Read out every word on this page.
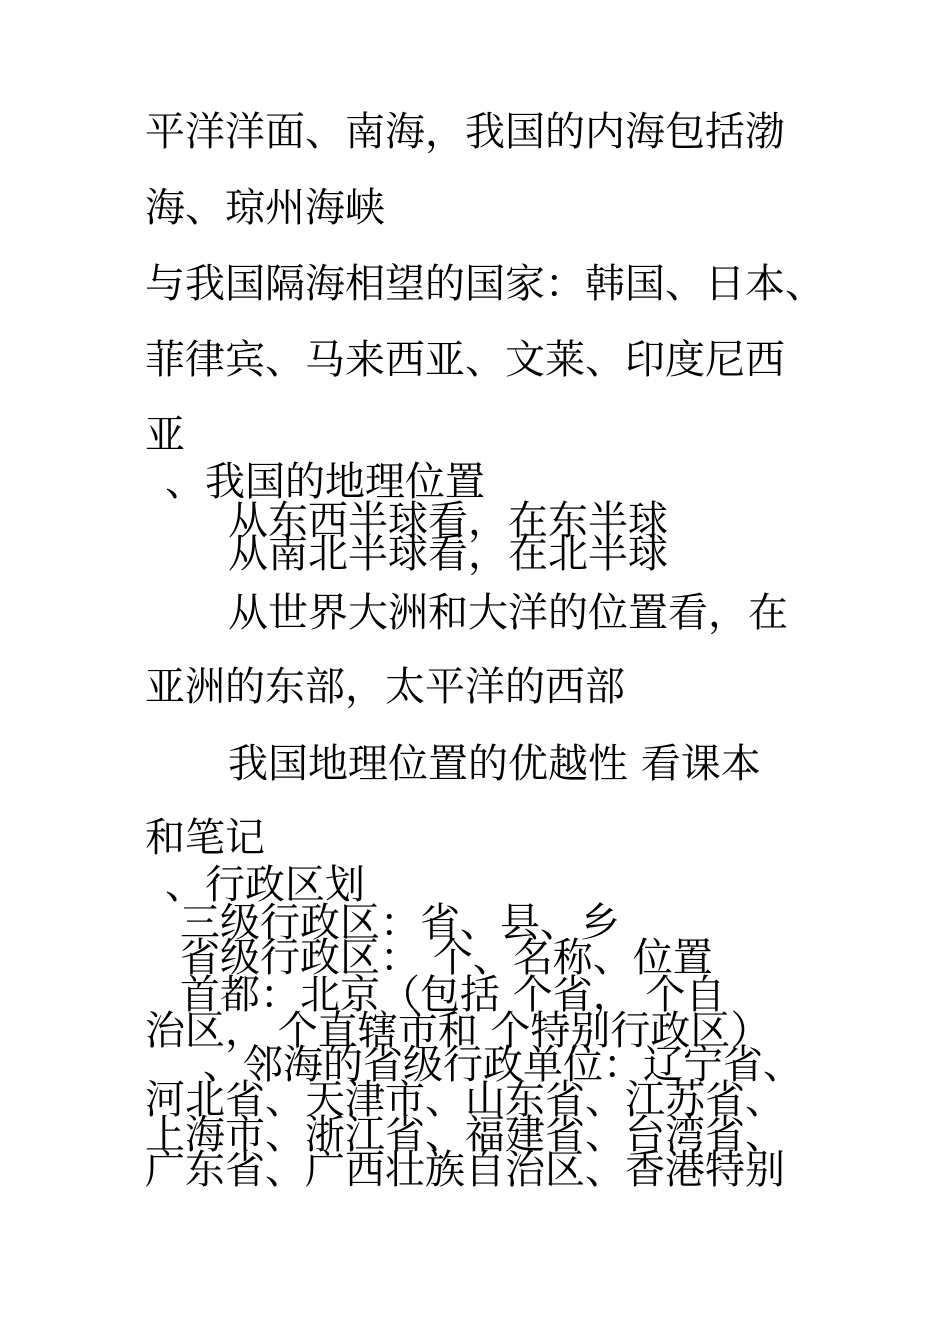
平洋洋面、南海，我国的内海包括渤

海、琼州海峡

与我国隔海相望的国家：韩国、日本、

菲律宾、马来西亚、文莱、印度尼西

亚

、我国的地理位置

从东西半球看，在东半球

从南北半球看，在北半球

从世界大洲和大洋的位置看，在

亚洲的东部，太平洋的西部

我国地理位置的优越性 看课本

和笔记

、行政区划

三级行政区：省、县、乡

省级行政区： 个、名称、位置

首都：北京（包括 个省， 个自

治区， 个直辖市和 个特别行政区）

、邻海的省级行政单位：辽宁省、

河北省、天津市、山东省、江苏省、

上海市、浙江省、福建省、台湾省、

广东省、广西壮族自治区、香港特别
